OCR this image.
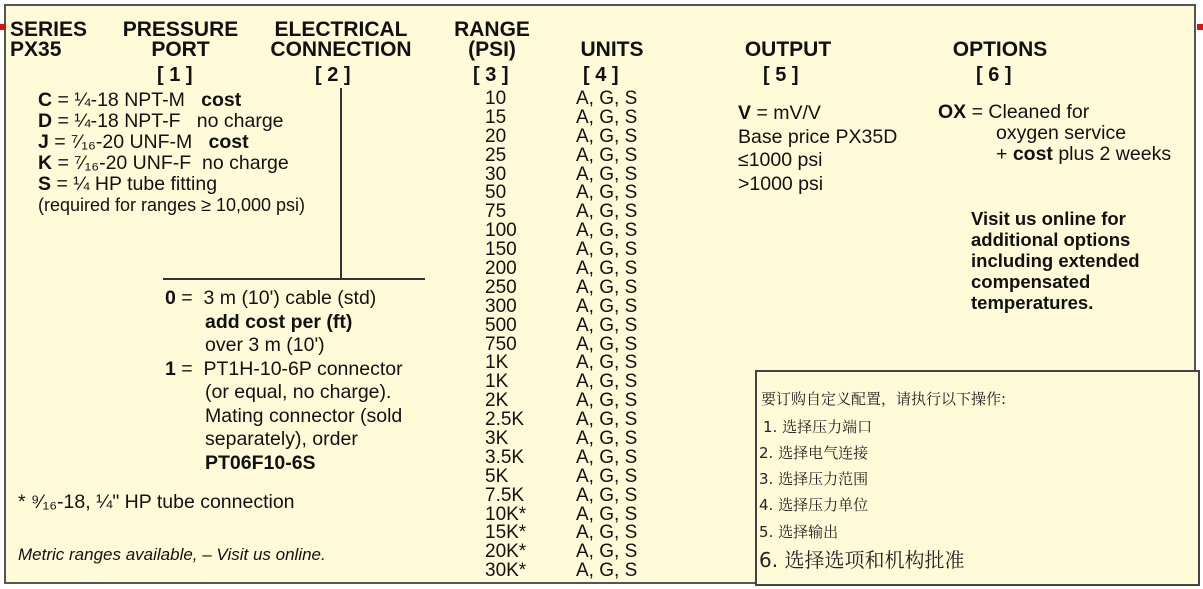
SERIES
PX35
PRESSURE
PORT
[ 1 ]
ELECTRICAL
CONNECTION
[ 2 ]
RANGE
(PSI)
[ 3 ]
UNITS
[ 4 ]
OUTPUT
[ 5 ]
OPTIONS
[ 6 ]
C = ¼-18 NPT-M cost
D = ¼-18 NPT-F no charge
J = ⁷⁄₁₆-20 UNF-M cost
K = ⁷⁄₁₆-20 UNF-F no charge
S = ¼ HP tube fitting
(required for ranges ≥ 10,000 psi)
0 = 3 m (10') cable (std)
add cost per (ft)
over 3 m (10')
1 = PT1H-10-6P connector
(or equal, no charge).
Mating connector (sold
separately), order
PT06F10-6S
* ⁹⁄₁₆-18, ¼" HP tube connection
Metric ranges available, – Visit us online.
10
15
20
25
30
50
75
100
150
200
250
300
500
750
1K
1K
2K
2.5K
3K
3.5K
5K
7.5K
10K*
15K*
20K*
30K*
A, G, S
A, G, S
A, G, S
A, G, S
A, G, S
A, G, S
A, G, S
A, G, S
A, G, S
A, G, S
A, G, S
A, G, S
A, G, S
A, G, S
A, G, S
A, G, S
A, G, S
A, G, S
A, G, S
A, G, S
A, G, S
A, G, S
A, G, S
A, G, S
A, G, S
A, G, S
V = mV/V
Base price PX35D
≤1000 psi
>1000 psi
OX = Cleaned for
oxygen service
+ cost plus 2 weeks
Visit us online for
additional options
including extended
compensated
temperatures.
要订购自定义配置，请执行以下操作:
1. 选择压力端口
2. 选择电气连接
3. 选择压力范围
4. 选择压力单位
5. 选择输出
6. 选择选项和机构批准
